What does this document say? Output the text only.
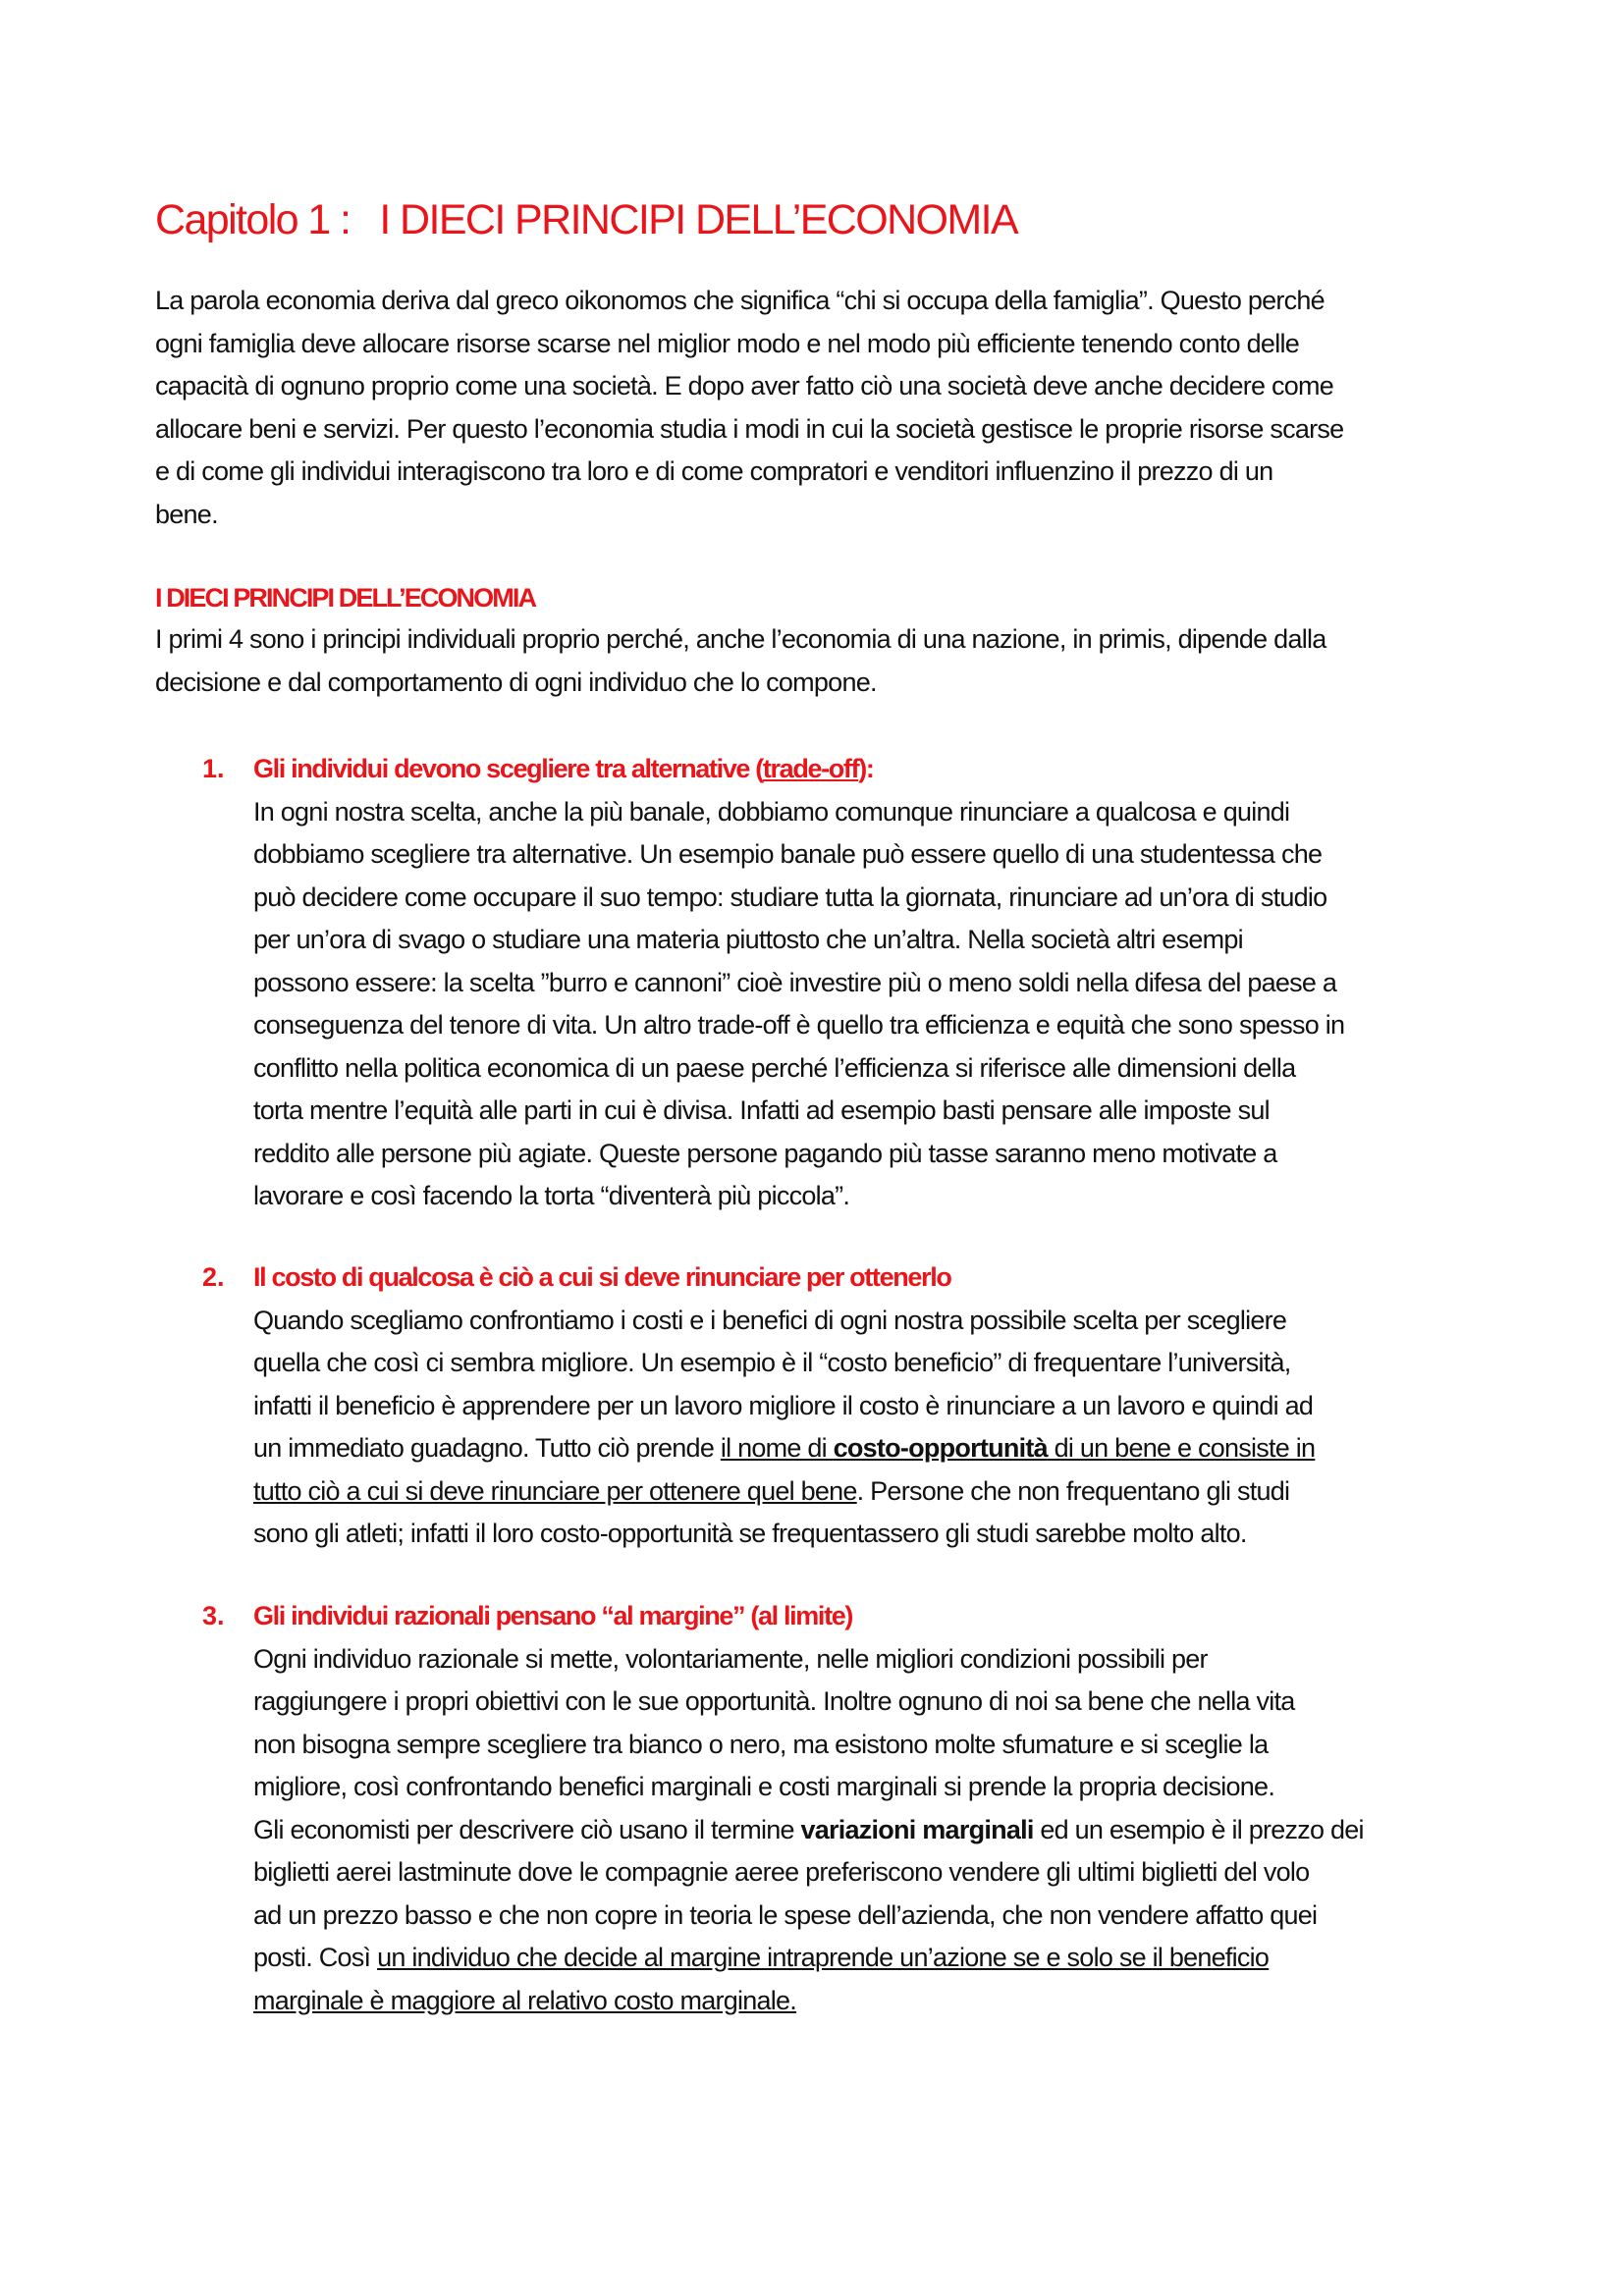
Capitolo 1 : I DIECI PRINCIPI DELL’ECONOMIA
La parola economia deriva dal greco oikonomos che significa “chi si occupa della famiglia”. Questo perché
ogni famiglia deve allocare risorse scarse nel miglior modo e nel modo più efficiente tenendo conto delle
capacità di ognuno proprio come una società. E dopo aver fatto ciò una società deve anche decidere come
allocare beni e servizi. Per questo l’economia studia i modi in cui la società gestisce le proprie risorse scarse
e di come gli individui interagiscono tra loro e di come compratori e venditori influenzino il prezzo di un
bene.
I DIECI PRINCIPI DELL’ECONOMIA
I primi 4 sono i principi individuali proprio perché, anche l’economia di una nazione, in primis, dipende dalla
decisione e dal comportamento di ogni individuo che lo compone.
1. Gli individui devono scegliere tra alternative (trade-off):
In ogni nostra scelta, anche la più banale, dobbiamo comunque rinunciare a qualcosa e quindi
dobbiamo scegliere tra alternative. Un esempio banale può essere quello di una studentessa che
può decidere come occupare il suo tempo: studiare tutta la giornata, rinunciare ad un’ora di studio
per un’ora di svago o studiare una materia piuttosto che un’altra. Nella società altri esempi
possono essere: la scelta ”burro e cannoni” cioè investire più o meno soldi nella difesa del paese a
conseguenza del tenore di vita. Un altro trade-off è quello tra efficienza e equità che sono spesso in
conflitto nella politica economica di un paese perché l’efficienza si riferisce alle dimensioni della
torta mentre l’equità alle parti in cui è divisa. Infatti ad esempio basti pensare alle imposte sul
reddito alle persone più agiate. Queste persone pagando più tasse saranno meno motivate a
lavorare e così facendo la torta “diventerà più piccola”.
2. Il costo di qualcosa è ciò a cui si deve rinunciare per ottenerlo
Quando scegliamo confrontiamo i costi e i benefici di ogni nostra possibile scelta per scegliere
quella che così ci sembra migliore. Un esempio è il “costo beneficio” di frequentare l’università,
infatti il beneficio è apprendere per un lavoro migliore il costo è rinunciare a un lavoro e quindi ad
un immediato guadagno. Tutto ciò prende il nome di costo-opportunità di un bene e consiste in
tutto ciò a cui si deve rinunciare per ottenere quel bene. Persone che non frequentano gli studi
sono gli atleti; infatti il loro costo-opportunità se frequentassero gli studi sarebbe molto alto.
3. Gli individui razionali pensano “al margine” (al limite)
Ogni individuo razionale si mette, volontariamente, nelle migliori condizioni possibili per
raggiungere i propri obiettivi con le sue opportunità. Inoltre ognuno di noi sa bene che nella vita
non bisogna sempre scegliere tra bianco o nero, ma esistono molte sfumature e si sceglie la
migliore, così confrontando benefici marginali e costi marginali si prende la propria decisione.
Gli economisti per descrivere ciò usano il termine variazioni marginali ed un esempio è il prezzo dei
biglietti aerei lastminute dove le compagnie aeree preferiscono vendere gli ultimi biglietti del volo
ad un prezzo basso e che non copre in teoria le spese dell’azienda, che non vendere affatto quei
posti. Così un individuo che decide al margine intraprende un’azione se e solo se il beneficio
marginale è maggiore al relativo costo marginale.
